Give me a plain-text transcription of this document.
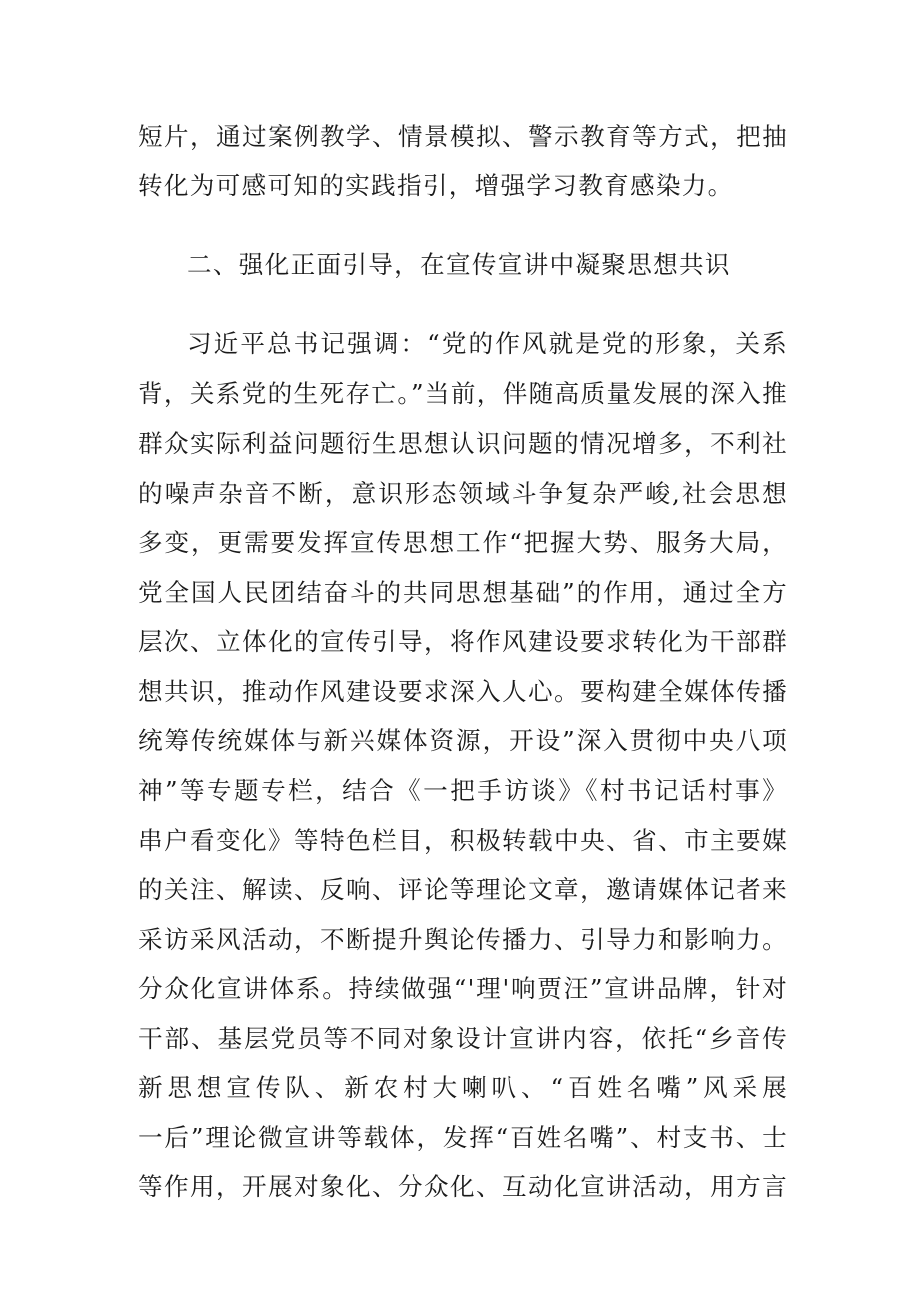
短片，通过案例教学、情景模拟、警示教育等方式，把抽
转化为可感可知的实践指引，增强学习教育感染力。
二、强化正面引导，在宣传宣讲中凝聚思想共识
习近平总书记强调：“党的作风就是党的形象，关系
背，关系党的生死存亡。”当前，伴随高质量发展的深入推
群众实际利益问题衍生思想认识问题的情况增多，不利社
的噪声杂音不断，意识形态领域斗争复杂严峻,社会思想
多变，更需要发挥宣传思想工作“把握大势、服务大局，
党全国人民团结奋斗的共同思想基础”的作用，通过全方
层次、立体化的宣传引导，将作风建设要求转化为干部群
想共识，推动作风建设要求深入人心。要构建全媒体传播
统筹传统媒体与新兴媒体资源，开设”深入贯彻中央八项
神”等专题专栏，结合《一把手访谈》《村书记话村事》
串户看变化》等特色栏目，积极转载中央、省、市主要媒
的关注、解读、反响、评论等理论文章，邀请媒体记者来
采访采风活动，不断提升舆论传播力、引导力和影响力。
分众化宣讲体系。持续做强“'理'响贾汪”宣讲品牌，针对
干部、基层党员等不同对象设计宣讲内容，依托“乡音传
新思想宣传队、新农村大喇叭、“百姓名嘴”风采展
一后”理论微宣讲等载体，发挥“百姓名嘴”、村支书、士
等作用，开展对象化、分众化、互动化宣讲活动，用方言
